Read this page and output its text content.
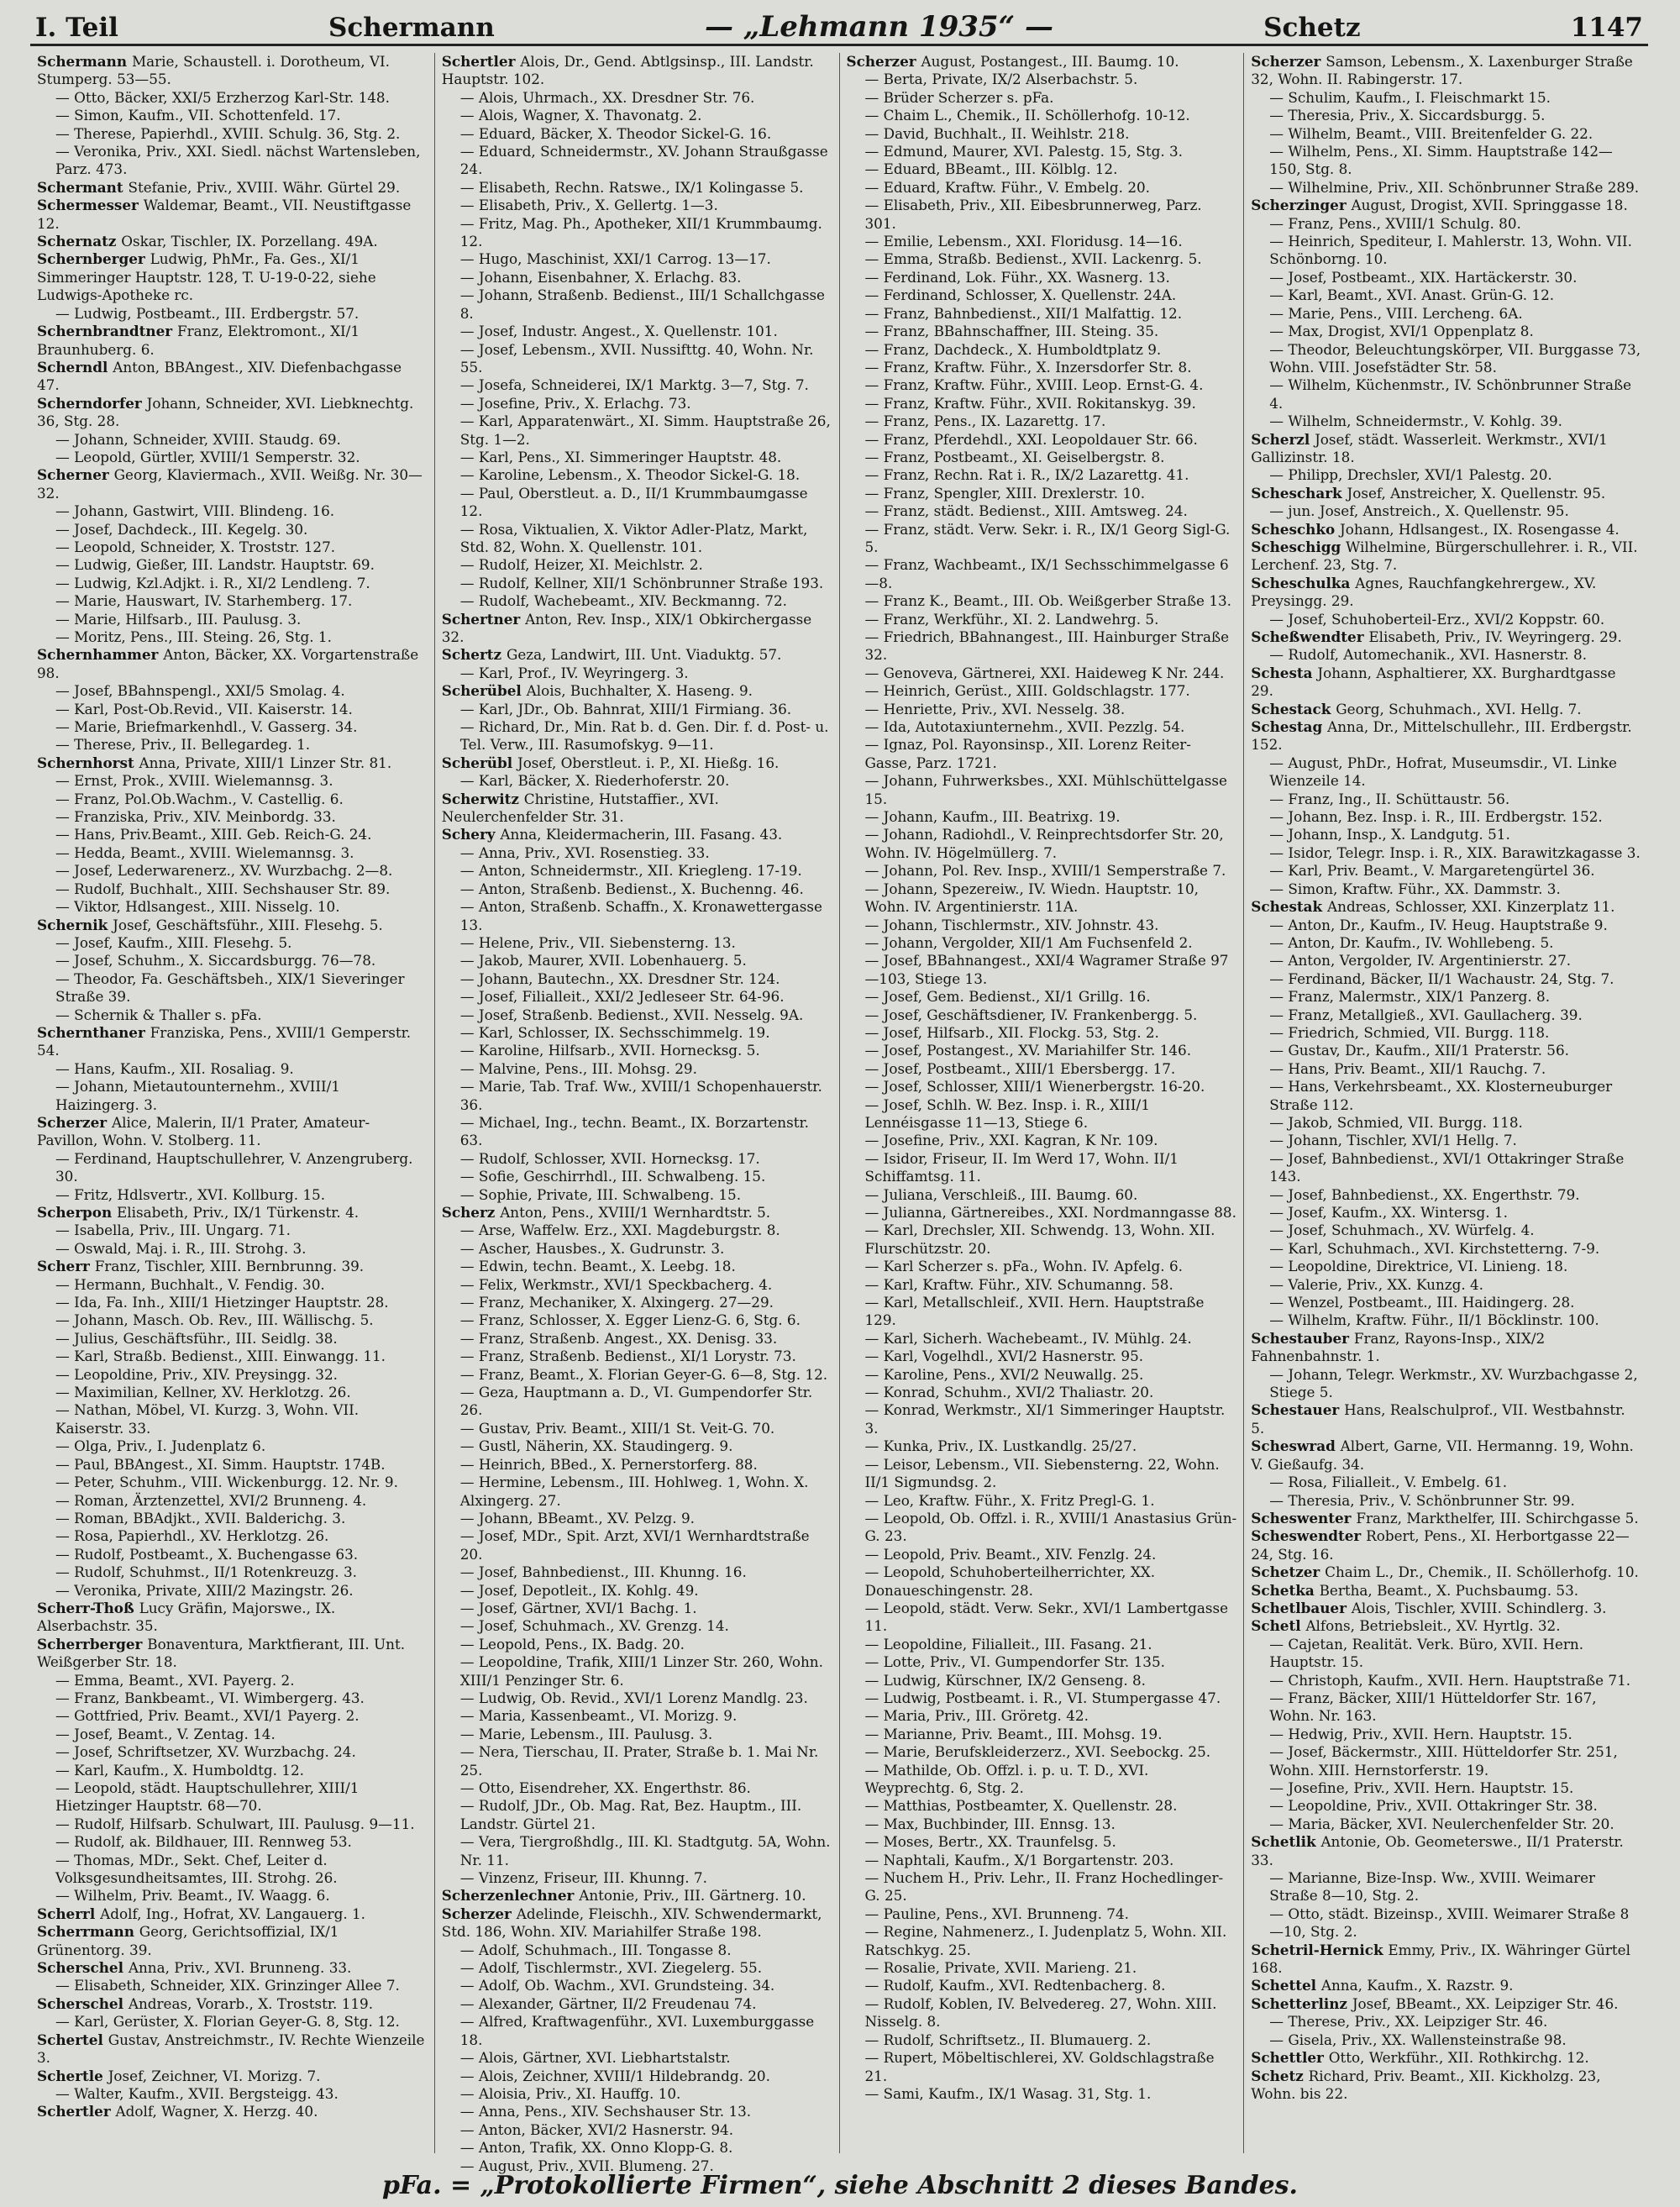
I. Teil	Schermann	— „Lehmann 1935“ —	Schetz	1147

Schermann Marie, Schaustell. i. Dorotheum, VI. Stumperg. 53—55.

— Otto, Bäcker, XXI/5 Erzherzog Karl-Str. 148.

— Simon, Kaufm., VII. Schottenfeld. 17.

— Therese, Papierhdl., XVIII. Schulg. 36, Stg. 2.

— Veronika, Priv., XXI. Siedl. nächst Wartensleben, Parz. 473.

Schermant Stefanie, Priv., XVIII. Währ. Gürtel 29.

Schermesser Waldemar, Beamt., VII. Neustiftgasse 12.

Schernatz Oskar, Tischler, IX. Porzellang. 49A.

Schernberger Ludwig, PhMr., Fa. Ges., XI/1 Simmeringer Hauptstr. 128, T. U-19-0-22, siehe Ludwigs-Apotheke rc.

— Ludwig, Postbeamt., III. Erdbergstr. 57.

Schernbrandtner Franz, Elektromont., XI/1 Braunhuberg. 6.

Scherndl Anton, BBAngest., XIV. Diefenbachgasse 47.

Scherndorfer Johann, Schneider, XVI. Liebknechtg. 36, Stg. 28.

— Johann, Schneider, XVIII. Staudg. 69.

— Leopold, Gürtler, XVIII/1 Semperstr. 32.

Scherner Georg, Klaviermach., XVII. Weißg. Nr. 30—32.

— Johann, Gastwirt, VIII. Blindeng. 16.

— Josef, Dachdeck., III. Kegelg. 30.

— Leopold, Schneider, X. Troststr. 127.

— Ludwig, Gießer, III. Landstr. Hauptstr. 69.

— Ludwig, Kzl.Adjkt. i. R., XI/2 Lendleng. 7.

— Marie, Hauswart, IV. Starhemberg. 17.

— Marie, Hilfsarb., III. Paulusg. 3.

— Moritz, Pens., III. Steing. 26, Stg. 1.

Schernhammer Anton, Bäcker, XX. Vorgartenstraße 98.

— Josef, BBahnspengl., XXI/5 Smolag. 4.

— Karl, Post-Ob.Revid., VII. Kaiserstr. 14.

— Marie, Briefmarkenhdl., V. Gasserg. 34.

— Therese, Priv., II. Bellegardeg. 1.

Schernhorst Anna, Private, XIII/1 Linzer Str. 81.

— Ernst, Prok., XVIII. Wielemannsg. 3.

— Franz, Pol.Ob.Wachm., V. Castellig. 6.

— Franziska, Priv., XIV. Meinbordg. 33.

— Hans, Priv.Beamt., XIII. Geb. Reich-G. 24.

— Hedda, Beamt., XVIII. Wielemannsg. 3.

— Josef, Lederwarenerz., XV. Wurzbachg. 2—8.

— Rudolf, Buchhalt., XIII. Sechshauser Str. 89.

— Viktor, Hdlsangest., XIII. Nisselg. 10.

Schernik Josef, Geschäftsführ., XIII. Flesehg. 5.

— Josef, Kaufm., XIII. Flesehg. 5.

— Josef, Schuhm., X. Siccardsburgg. 76—78.

— Theodor, Fa. Geschäftsbeh., XIX/1 Sieveringer Straße 39.

— Schernik & Thaller s. pFa.

Schernthaner Franziska, Pens., XVIII/1 Gemperstr. 54.

— Hans, Kaufm., XII. Rosaliag. 9.

— Johann, Mietautounternehm., XVIII/1 Haizingerg. 3.

Scherzer Alice, Malerin, II/1 Prater, Amateur-Pavillon, Wohn. V. Stolberg. 11.

— Ferdinand, Hauptschullehrer, V. Anzengruberg. 30.

— Fritz, Hdlsvertr., XVI. Kollburg. 15.

Scherpon Elisabeth, Priv., IX/1 Türkenstr. 4.

— Isabella, Priv., III. Ungarg. 71.

— Oswald, Maj. i. R., III. Strohg. 3.

Scherr Franz, Tischler, XIII. Bernbrunng. 39.

— Hermann, Buchhalt., V. Fendig. 30.

— Ida, Fa. Inh., XIII/1 Hietzinger Hauptstr. 28.

— Johann, Masch. Ob. Rev., III. Wällischg. 5.

— Julius, Geschäftsführ., III. Seidlg. 38.

— Karl, Straßb. Bedienst., XIII. Einwangg. 11.

— Leopoldine, Priv., XIV. Preysingg. 32.

— Maximilian, Kellner, XV. Herklotzg. 26.

— Nathan, Möbel, VI. Kurzg. 3, Wohn. VII. Kaiserstr. 33.

— Olga, Priv., I. Judenplatz 6.

— Paul, BBAngest., XI. Simm. Hauptstr. 174B.

— Peter, Schuhm., VIII. Wickenburgg. 12. Nr. 9.

— Roman, Ärztenzettel, XVI/2 Brunneng. 4.

— Roman, BBAdjkt., XVII. Balderichg. 3.

— Rosa, Papierhdl., XV. Herklotzg. 26.

— Rudolf, Postbeamt., X. Buchengasse 63.

— Rudolf, Schuhmst., II/1 Rotenkreuzg. 3.

— Veronika, Private, XIII/2 Mazingstr. 26.

Scherr-Thoß Lucy Gräfin, Majorswe., IX. Alserbachstr. 35.

Scherrberger Bonaventura, Marktfierant, III. Unt. Weißgerber Str. 18.

— Emma, Beamt., XVI. Payerg. 2.

— Franz, Bankbeamt., VI. Wimbergerg. 43.

— Gottfried, Priv. Beamt., XVI/1 Payerg. 2.

— Josef, Beamt., V. Zentag. 14.

— Josef, Schriftsetzer, XV. Wurzbachg. 24.

— Karl, Kaufm., X. Humboldtg. 12.

— Leopold, städt. Hauptschullehrer, XIII/1 Hietzinger Hauptstr. 68—70.

— Rudolf, Hilfsarb. Schulwart, III. Paulusg. 9—11.

— Rudolf, ak. Bildhauer, III. Rennweg 53.

— Thomas, MDr., Sekt. Chef, Leiter d. Volksgesundheitsamtes, III. Strohg. 26.

— Wilhelm, Priv. Beamt., IV. Waagg. 6.

Scherrl Adolf, Ing., Hofrat, XV. Langauerg. 1.

Scherrmann Georg, Gerichtsoffizial, IX/1 Grünentorg. 39.

Scherschel Anna, Priv., XVI. Brunneng. 33.

— Elisabeth, Schneider, XIX. Grinzinger Allee 7.

Scherschel Andreas, Vorarb., X. Troststr. 119.

— Karl, Gerüster, X. Florian Geyer-G. 8, Stg. 12.

Schertel Gustav, Anstreichmstr., IV. Rechte Wienzeile 3.

Schertle Josef, Zeichner, VI. Morizg. 7.

— Walter, Kaufm., XVII. Bergsteigg. 43.

Schertler Adolf, Wagner, X. Herzg. 40.

Schertler Alois, Dr., Gend. Abtlgsinsp., III. Landstr. Hauptstr. 102.

— Alois, Uhrmach., XX. Dresdner Str. 76.

— Alois, Wagner, X. Thavonatg. 2.

— Eduard, Bäcker, X. Theodor Sickel-G. 16.

— Eduard, Schneidermstr., XV. Johann Straußgasse 24.

— Elisabeth, Rechn. Ratswe., IX/1 Kolingasse 5.

— Elisabeth, Priv., X. Gellertg. 1—3.

— Fritz, Mag. Ph., Apotheker, XII/1 Krummbaumg. 12.

— Hugo, Maschinist, XXI/1 Carrog. 13—17.

— Johann, Eisenbahner, X. Erlachg. 83.

— Johann, Straßenb. Bedienst., III/1 Schallchgasse 8.

— Josef, Industr. Angest., X. Quellenstr. 101.

— Josef, Lebensm., XVII. Nussifttg. 40, Wohn. Nr. 55.

— Josefa, Schneiderei, IX/1 Marktg. 3—7, Stg. 7.

— Josefine, Priv., X. Erlachg. 73.

— Karl, Apparatenwärt., XI. Simm. Hauptstraße 26, Stg. 1—2.

— Karl, Pens., XI. Simmeringer Hauptstr. 48.

— Karoline, Lebensm., X. Theodor Sickel-G. 18.

— Paul, Oberstleut. a. D., II/1 Krummbaumgasse 12.

— Rosa, Viktualien, X. Viktor Adler-Platz, Markt, Std. 82, Wohn. X. Quellenstr. 101.

— Rudolf, Heizer, XI. Meichlstr. 2.

— Rudolf, Kellner, XII/1 Schönbrunner Straße 193.

— Rudolf, Wachebeamt., XIV. Beckmanng. 72.

Schertner Anton, Rev. Insp., XIX/1 Obkirchergasse 32.

Schertz Geza, Landwirt, III. Unt. Viaduktg. 57.

— Karl, Prof., IV. Weyringerg. 3.

Scherübel Alois, Buchhalter, X. Haseng. 9.

— Karl, JDr., Ob. Bahnrat, XIII/1 Firmiang. 36.

— Richard, Dr., Min. Rat b. d. Gen. Dir. f. d. Post- u. Tel. Verw., III. Rasumofskyg. 9—11.

Scherübl Josef, Oberstleut. i. P., XI. Hießg. 16.

— Karl, Bäcker, X. Riederhoferstr. 20.

Scherwitz Christine, Hutstaffier., XVI. Neulerchenfelder Str. 31.

Schery Anna, Kleidermacherin, III. Fasang. 43.

— Anna, Priv., XVI. Rosenstieg. 33.

— Anton, Schneidermstr., XII. Kriegleng. 17-19.

— Anton, Straßenb. Bedienst., X. Buchenng. 46.

— Anton, Straßenb. Schaffn., X. Kronawettergasse 13.

— Helene, Priv., VII. Siebensterng. 13.

— Jakob, Maurer, XVII. Lobenhauerg. 5.

— Johann, Bautechn., XX. Dresdner Str. 124.

— Josef, Filialleit., XXI/2 Jedleseer Str. 64-96.

— Josef, Straßenb. Bedienst., XVII. Nesselg. 9A.

— Karl, Schlosser, IX. Sechsschimmelg. 19.

— Karoline, Hilfsarb., XVII. Hornecksg. 5.

— Malvine, Pens., III. Mohsg. 29.

— Marie, Tab. Traf. Ww., XVIII/1 Schopenhauerstr. 36.

— Michael, Ing., techn. Beamt., IX. Borzartenstr. 63.

— Rudolf, Schlosser, XVII. Hornecksg. 17.

— Sofie, Geschirrhdl., III. Schwalbeng. 15.

— Sophie, Private, III. Schwalbeng. 15.

Scherz Anton, Pens., XVIII/1 Wernhardtstr. 5.

— Arse, Waffelw. Erz., XXI. Magdeburgstr. 8.

— Ascher, Hausbes., X. Gudrunstr. 3.

— Edwin, techn. Beamt., X. Leebg. 18.

— Felix, Werkmstr., XVI/1 Speckbacherg. 4.

— Franz, Mechaniker, X. Alxingerg. 27—29.

— Franz, Schlosser, X. Egger Lienz-G. 6, Stg. 6.

— Franz, Straßenb. Angest., XX. Denisg. 33.

— Franz, Straßenb. Bedienst., XI/1 Lorystr. 73.

— Franz, Beamt., X. Florian Geyer-G. 6—8, Stg. 12.

— Geza, Hauptmann a. D., VI. Gumpendorfer Str. 26.

— Gustav, Priv. Beamt., XIII/1 St. Veit-G. 70.

— Gustl, Näherin, XX. Staudingerg. 9.

— Heinrich, BBed., X. Pernerstorferg. 88.

— Hermine, Lebensm., III. Hohlweg. 1, Wohn. X. Alxingerg. 27.

— Johann, BBeamt., XV. Pelzg. 9.

— Josef, MDr., Spit. Arzt, XVI/1 Wernhardtstraße 20.

— Josef, Bahnbedienst., III. Khunng. 16.

— Josef, Depotleit., IX. Kohlg. 49.

— Josef, Gärtner, XVI/1 Bachg. 1.

— Josef, Schuhmach., XV. Grenzg. 14.

— Leopold, Pens., IX. Badg. 20.

— Leopoldine, Trafik, XIII/1 Linzer Str. 260, Wohn. XIII/1 Penzinger Str. 6.

— Ludwig, Ob. Revid., XVI/1 Lorenz Mandlg. 23.

— Maria, Kassenbeamt., VI. Morizg. 9.

— Marie, Lebensm., III. Paulusg. 3.

— Nera, Tierschau, II. Prater, Straße b. 1. Mai Nr. 25.

— Otto, Eisendreher, XX. Engerthstr. 86.

— Rudolf, JDr., Ob. Mag. Rat, Bez. Hauptm., III. Landstr. Gürtel 21.

— Vera, Tiergroßhdlg., III. Kl. Stadtgutg. 5A, Wohn. Nr. 11.

— Vinzenz, Friseur, III. Khunng. 7.

Scherzenlechner Antonie, Priv., III. Gärtnerg. 10.

Scherzer Adelinde, Fleischh., XIV. Schwendermarkt, Std. 186, Wohn. XIV. Mariahilfer Straße 198.

— Adolf, Schuhmach., III. Tongasse 8.

— Adolf, Tischlermstr., XVI. Ziegelerg. 55.

— Adolf, Ob. Wachm., XVI. Grundsteing. 34.

— Alexander, Gärtner, II/2 Freudenau 74.

— Alfred, Kraftwagenführ., XVI. Luxemburggasse 18.

— Alois, Gärtner, XVI. Liebhartstalstr.

— Alois, Zeichner, XVIII/1 Hildebrandg. 20.

— Aloisia, Priv., XI. Hauffg. 10.

— Anna, Pens., XIV. Sechshauser Str. 13.

— Anton, Bäcker, XVI/2 Hasnerstr. 94.

— Anton, Trafik, XX. Onno Klopp-G. 8.

— August, Priv., XVII. Blumeng. 27.

Scherzer August, Postangest., III. Baumg. 10.

— Berta, Private, IX/2 Alserbachstr. 5.

— Brüder Scherzer s. pFa.

— Chaim L., Chemik., II. Schöllerhofg. 10-12.

— David, Buchhalt., II. Weihlstr. 218.

— Edmund, Maurer, XVI. Palestg. 15, Stg. 3.

— Eduard, BBeamt., III. Kölblg. 12.

— Eduard, Kraftw. Führ., V. Embelg. 20.

— Elisabeth, Priv., XII. Eibesbrunnerweg, Parz. 301.

— Emilie, Lebensm., XXI. Floridusg. 14—16.

— Emma, Straßb. Bedienst., XVII. Lackenrg. 5.

— Ferdinand, Lok. Führ., XX. Wasnerg. 13.

— Ferdinand, Schlosser, X. Quellenstr. 24A.

— Franz, Bahnbedienst., XII/1 Malfattig. 12.

— Franz, BBahnschaffner, III. Steing. 35.

— Franz, Dachdeck., X. Humboldtplatz 9.

— Franz, Kraftw. Führ., X. Inzersdorfer Str. 8.

— Franz, Kraftw. Führ., XVIII. Leop. Ernst-G. 4.

— Franz, Kraftw. Führ., XVII. Rokitanskyg. 39.

— Franz, Pens., IX. Lazarettg. 17.

— Franz, Pferdehdl., XXI. Leopoldauer Str. 66.

— Franz, Postbeamt., XI. Geiselbergstr. 8.

— Franz, Rechn. Rat i. R., IX/2 Lazarettg. 41.

— Franz, Spengler, XIII. Drexlerstr. 10.

— Franz, städt. Bedienst., XIII. Amtsweg. 24.

— Franz, städt. Verw. Sekr. i. R., IX/1 Georg Sigl-G. 5.

— Franz, Wachbeamt., IX/1 Sechsschimmelgasse 6—8.

— Franz K., Beamt., III. Ob. Weißgerber Straße 13.

— Franz, Werkführ., XI. 2. Landwehrg. 5.

— Friedrich, BBahnangest., III. Hainburger Straße 32.

— Genoveva, Gärtnerei, XXI. Haideweg K Nr. 244.

— Heinrich, Gerüst., XIII. Goldschlagstr. 177.

— Henriette, Priv., XVI. Nesselg. 38.

— Ida, Autotaxiunternehm., XVII. Pezzlg. 54.

— Ignaz, Pol. Rayonsinsp., XII. Lorenz Reiter-Gasse, Parz. 1721.

— Johann, Fuhrwerksbes., XXI. Mühlschüttelgasse 15.

— Johann, Kaufm., III. Beatrixg. 19.

— Johann, Radiohdl., V. Reinprechtsdorfer Str. 20, Wohn. IV. Högelmüllerg. 7.

— Johann, Pol. Rev. Insp., XVIII/1 Semperstraße 7.

— Johann, Spezereiw., IV. Wiedn. Hauptstr. 10, Wohn. IV. Argentinierstr. 11A.

— Johann, Tischlermstr., XIV. Johnstr. 43.

— Johann, Vergolder, XII/1 Am Fuchsenfeld 2.

— Josef, BBahnangest., XXI/4 Wagramer Straße 97—103, Stiege 13.

— Josef, Gem. Bedienst., XI/1 Grillg. 16.

— Josef, Geschäftsdiener, IV. Frankenbergg. 5.

— Josef, Hilfsarb., XII. Flockg. 53, Stg. 2.

— Josef, Postangest., XV. Mariahilfer Str. 146.

— Josef, Postbeamt., XIII/1 Ebersbergg. 17.

— Josef, Schlosser, XIII/1 Wienerbergstr. 16-20.

— Josef, Schlh. W. Bez. Insp. i. R., XIII/1 Lennéisgasse 11—13, Stiege 6.

— Josefine, Priv., XXI. Kagran, K Nr. 109.

— Isidor, Friseur, II. Im Werd 17, Wohn. II/1 Schiffamtsg. 11.

— Juliana, Verschleiß., III. Baumg. 60.

— Julianna, Gärtnereibes., XXI. Nordmanngasse 88.

— Karl, Drechsler, XII. Schwendg. 13, Wohn. XII. Flurschützstr. 20.

— Karl Scherzer s. pFa., Wohn. IV. Apfelg. 6.

— Karl, Kraftw. Führ., XIV. Schumanng. 58.

— Karl, Metallschleif., XVII. Hern. Hauptstraße 129.

— Karl, Sicherh. Wachebeamt., IV. Mühlg. 24.

— Karl, Vogelhdl., XVI/2 Hasnerstr. 95.

— Karoline, Pens., XVI/2 Neuwallg. 25.

— Konrad, Schuhm., XVI/2 Thaliastr. 20.

— Konrad, Werkmstr., XI/1 Simmeringer Hauptstr. 3.

— Kunka, Priv., IX. Lustkandlg. 25/27.

— Leisor, Lebensm., VII. Siebensterng. 22, Wohn. II/1 Sigmundsg. 2.

— Leo, Kraftw. Führ., X. Fritz Pregl-G. 1.

— Leopold, Ob. Offzl. i. R., XVIII/1 Anastasius Grün-G. 23.

— Leopold, Priv. Beamt., XIV. Fenzlg. 24.

— Leopold, Schuhoberteilherrichter, XX. Donaueschingenstr. 28.

— Leopold, städt. Verw. Sekr., XVI/1 Lambertgasse 11.

— Leopoldine, Filialleit., III. Fasang. 21.

— Lotte, Priv., VI. Gumpendorfer Str. 135.

— Ludwig, Kürschner, IX/2 Genseng. 8.

— Ludwig, Postbeamt. i. R., VI. Stumpergasse 47.

— Maria, Priv., III. Gröretg. 42.

— Marianne, Priv. Beamt., III. Mohsg. 19.

— Marie, Berufskleiderzerz., XVI. Seebockg. 25.

— Mathilde, Ob. Offzl. i. p. u. T. D., XVI. Weyprechtg. 6, Stg. 2.

— Matthias, Postbeamter, X. Quellenstr. 28.

— Max, Buchbinder, III. Ennsg. 13.

— Moses, Bertr., XX. Traunfelsg. 5.

— Naphtali, Kaufm., X/1 Borgartenstr. 203.

— Nuchem H., Priv. Lehr., II. Franz Hochedlinger-G. 25.

— Pauline, Pens., XVI. Brunneng. 74.

— Regine, Nahmenerz., I. Judenplatz 5, Wohn. XII. Ratschkyg. 25.

— Rosalie, Private, XVII. Marieng. 21.

— Rudolf, Kaufm., XVI. Redtenbacherg. 8.

— Rudolf, Koblen, IV. Belvedereg. 27, Wohn. XIII. Nisselg. 8.

— Rudolf, Schriftsetz., II. Blumauerg. 2.

— Rupert, Möbeltischlerei, XV. Goldschlagstraße 21.

— Sami, Kaufm., IX/1 Wasag. 31, Stg. 1.

Scherzer Samson, Lebensm., X. Laxenburger Straße 32, Wohn. II. Rabingerstr. 17.

— Schulim, Kaufm., I. Fleischmarkt 15.

— Theresia, Priv., X. Siccardsburgg. 5.

— Wilhelm, Beamt., VIII. Breitenfelder G. 22.

— Wilhelm, Pens., XI. Simm. Hauptstraße 142—150, Stg. 8.

— Wilhelmine, Priv., XII. Schönbrunner Straße 289.

Scherzinger August, Drogist, XVII. Springgasse 18.

— Franz, Pens., XVIII/1 Schulg. 80.

— Heinrich, Spediteur, I. Mahlerstr. 13, Wohn. VII. Schönborng. 10.

— Josef, Postbeamt., XIX. Hartäckerstr. 30.

— Karl, Beamt., XVI. Anast. Grün-G. 12.

— Marie, Pens., VIII. Lercheng. 6A.

— Max, Drogist, XVI/1 Oppenplatz 8.

— Theodor, Beleuchtungskörper, VII. Burggasse 73, Wohn. VIII. Josefstädter Str. 58.

— Wilhelm, Küchenmstr., IV. Schönbrunner Straße 4.

— Wilhelm, Schneidermstr., V. Kohlg. 39.

Scherzl Josef, städt. Wasserleit. Werkmstr., XVI/1 Gallizinstr. 18.

— Philipp, Drechsler, XVI/1 Palestg. 20.

Scheschark Josef, Anstreicher, X. Quellenstr. 95.

— jun. Josef, Anstreich., X. Quellenstr. 95.

Scheschko Johann, Hdlsangest., IX. Rosengasse 4.

Scheschigg Wilhelmine, Bürgerschullehrer. i. R., VII. Lerchenf. 23, Stg. 7.

Scheschulka Agnes, Rauchfangkehrergew., XV. Preysingg. 29.

— Josef, Schuhoberteil-Erz., XVI/2 Koppstr. 60.

Scheßwendter Elisabeth, Priv., IV. Weyringerg. 29.

— Rudolf, Automechanik., XVI. Hasnerstr. 8.

Schesta Johann, Asphaltierer, XX. Burghardtgasse 29.

Schestack Georg, Schuhmach., XVI. Hellg. 7.

Schestag Anna, Dr., Mittelschullehr., III. Erdbergstr. 152.

— August, PhDr., Hofrat, Museumsdir., VI. Linke Wienzeile 14.

— Franz, Ing., II. Schüttaustr. 56.

— Johann, Bez. Insp. i. R., III. Erdbergstr. 152.

— Johann, Insp., X. Landgutg. 51.

— Isidor, Telegr. Insp. i. R., XIX. Barawitzkagasse 3.

— Karl, Priv. Beamt., V. Margaretengürtel 36.

— Simon, Kraftw. Führ., XX. Dammstr. 3.

Schestak Andreas, Schlosser, XXI. Kinzerplatz 11.

— Anton, Dr., Kaufm., IV. Heug. Hauptstraße 9.

— Anton, Dr. Kaufm., IV. Wohllebeng. 5.

— Anton, Vergolder, IV. Argentinierstr. 27.

— Ferdinand, Bäcker, II/1 Wachaustr. 24, Stg. 7.

— Franz, Malermstr., XIX/1 Panzerg. 8.

— Franz, Metallgieß., XVI. Gaullacherg. 39.

— Friedrich, Schmied, VII. Burgg. 118.

— Gustav, Dr., Kaufm., XII/1 Praterstr. 56.

— Hans, Priv. Beamt., XII/1 Rauchg. 7.

— Hans, Verkehrsbeamt., XX. Klosterneuburger Straße 112.

— Jakob, Schmied, VII. Burgg. 118.

— Johann, Tischler, XVI/1 Hellg. 7.

— Josef, Bahnbedienst., XVI/1 Ottakringer Straße 143.

— Josef, Bahnbedienst., XX. Engerthstr. 79.

— Josef, Kaufm., XX. Wintersg. 1.

— Josef, Schuhmach., XV. Würfelg. 4.

— Karl, Schuhmach., XVI. Kirchstetterng. 7-9.

— Leopoldine, Direktrice, VI. Linieng. 18.

— Valerie, Priv., XX. Kunzg. 4.

— Wenzel, Postbeamt., III. Haidingerg. 28.

— Wilhelm, Kraftw. Führ., II/1 Böcklinstr. 100.

Schestauber Franz, Rayons-Insp., XIX/2 Fahnenbahnstr. 1.

— Johann, Telegr. Werkmstr., XV. Wurzbachgasse 2, Stiege 5.

Schestauer Hans, Realschulprof., VII. Westbahnstr. 5.

Scheswrad Albert, Garne, VII. Hermanng. 19, Wohn. V. Gießaufg. 34.

— Rosa, Filialleit., V. Embelg. 61.

— Theresia, Priv., V. Schönbrunner Str. 99.

Scheswenter Franz, Markthelfer, III. Schirchgasse 5.

Scheswendter Robert, Pens., XI. Herbortgasse 22—24, Stg. 16.

Schetzer Chaim L., Dr., Chemik., II. Schöllerhofg. 10.

Schetka Bertha, Beamt., X. Puchsbaumg. 53.

Schetlbauer Alois, Tischler, XVIII. Schindlerg. 3.

Schetl Alfons, Betriebsleit., XV. Hyrtlg. 32.

— Cajetan, Realität. Verk. Büro, XVII. Hern. Hauptstr. 15.

— Christoph, Kaufm., XVII. Hern. Hauptstraße 71.

— Franz, Bäcker, XIII/1 Hütteldorfer Str. 167, Wohn. Nr. 163.

— Hedwig, Priv., XVII. Hern. Hauptstr. 15.

— Josef, Bäckermstr., XIII. Hütteldorfer Str. 251, Wohn. XIII. Hernstorferstr. 19.

— Josefine, Priv., XVII. Hern. Hauptstr. 15.

— Leopoldine, Priv., XVII. Ottakringer Str. 38.

— Maria, Bäcker, XVI. Neulerchenfelder Str. 20.

Schetlik Antonie, Ob. Geometerswe., II/1 Praterstr. 33.

— Marianne, Bize-Insp. Ww., XVIII. Weimarer Straße 8—10, Stg. 2.

— Otto, städt. Bizeinsp., XVIII. Weimarer Straße 8—10, Stg. 2.

Schetril-Hernick Emmy, Priv., IX. Währinger Gürtel 168.

Schettel Anna, Kaufm., X. Razstr. 9.

Schetterlinz Josef, BBeamt., XX. Leipziger Str. 46.

— Therese, Priv., XX. Leipziger Str. 46.

— Gisela, Priv., XX. Wallensteinstraße 98.

Schettler Otto, Werkführ., XII. Rothkirchg. 12.

Schetz Richard, Priv. Beamt., XII. Kickholzg. 23, Wohn. bis 22.

pFa. = „Protokollierte Firmen“, siehe Abschnitt 2 dieses Bandes.
